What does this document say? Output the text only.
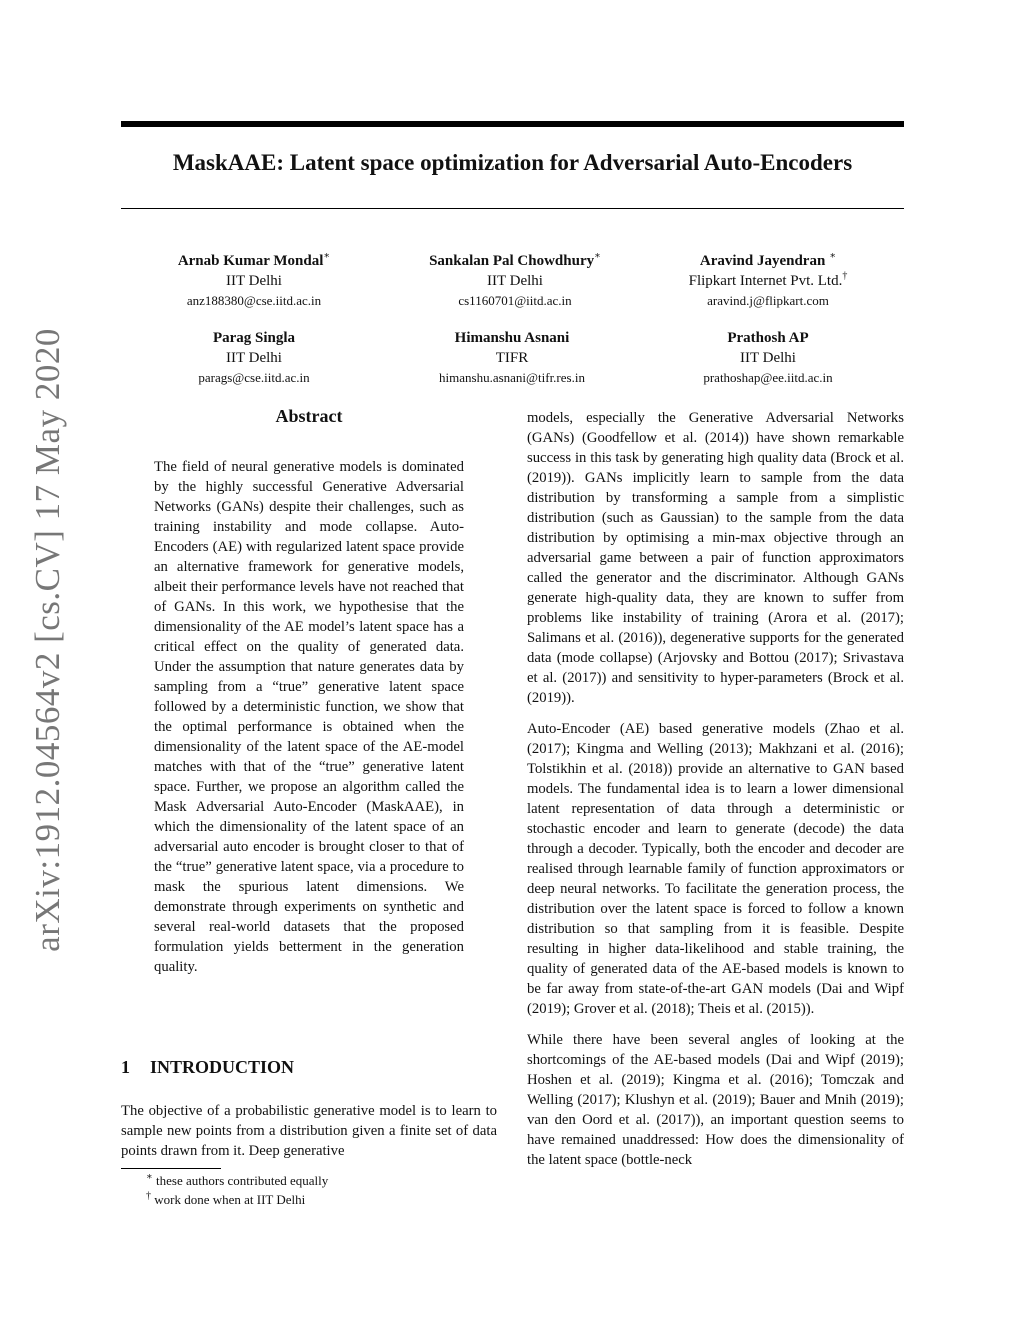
arXiv:1912.04564v2 [cs.CV] 17 May 2020
MaskAAE: Latent space optimization for Adversarial Auto-Encoders
Arnab Kumar Mondal∗
IIT Delhi
anz188380@cse.iitd.ac.in
Sankalan Pal Chowdhury∗
IIT Delhi
cs1160701@iitd.ac.in
Aravind Jayendran ∗
Flipkart Internet Pvt. Ltd.†
aravind.j@flipkart.com
Parag Singla
IIT Delhi
parags@cse.iitd.ac.in
Himanshu Asnani
TIFR
himanshu.asnani@tifr.res.in
Prathosh AP
IIT Delhi
prathoshap@ee.iitd.ac.in
Abstract

The field of neural generative models is dominated by the highly successful Generative Adversarial Networks (GANs) despite their challenges, such as training instability and mode collapse. Auto-Encoders (AE) with regularized latent space provide an alternative framework for generative models, albeit their performance levels have not reached that of GANs. In this work, we hypothesise that the dimensionality of the AE model’s latent space has a critical effect on the quality of generated data. Under the assumption that nature generates data by sampling from a “true” generative latent space followed by a deterministic function, we show that the optimal performance is obtained when the dimensionality of the latent space of the AE-model matches with that of the “true” generative latent space. Further, we propose an algorithm called the Mask Adversarial Auto-Encoder (MaskAAE), in which the dimensionality of the latent space of an adversarial auto encoder is brought closer to that of the “true” generative latent space, via a procedure to mask the spurious latent dimensions. We demonstrate through experiments on synthetic and several real-world datasets that the proposed formulation yields betterment in the generation quality.

1 INTRODUCTION

The objective of a probabilistic generative model is to learn to sample new points from a distribution given a finite set of data points drawn from it. Deep generative

∗ these authors contributed equally
† work done when at IIT Delhi

models, especially the Generative Adversarial Networks (GANs) (Goodfellow et al. (2014)) have shown remarkable success in this task by generating high quality data (Brock et al. (2019)). GANs implicitly learn to sample from the data distribution by transforming a sample from a simplistic distribution (such as Gaussian) to the sample from the data distribution by optimising a min-max objective through an adversarial game between a pair of function approximators called the generator and the discriminator. Although GANs generate high-quality data, they are known to suffer from problems like instability of training (Arora et al. (2017); Salimans et al. (2016)), degenerative supports for the generated data (mode collapse) (Arjovsky and Bottou (2017); Srivastava et al. (2017)) and sensitivity to hyper-parameters (Brock et al. (2019)).

Auto-Encoder (AE) based generative models (Zhao et al. (2017); Kingma and Welling (2013); Makhzani et al. (2016); Tolstikhin et al. (2018)) provide an alternative to GAN based models. The fundamental idea is to learn a lower dimensional latent representation of data through a deterministic or stochastic encoder and learn to generate (decode) the data through a decoder. Typically, both the encoder and decoder are realised through learnable family of function approximators or deep neural networks. To facilitate the generation process, the distribution over the latent space is forced to follow a known distribution so that sampling from it is feasible. Despite resulting in higher data-likelihood and stable training, the quality of generated data of the AE-based models is known to be far away from state-of-the-art GAN models (Dai and Wipf (2019); Grover et al. (2018); Theis et al. (2015)).

While there have been several angles of looking at the shortcomings of the AE-based models (Dai and Wipf (2019); Hoshen et al. (2019); Kingma et al. (2016); Tomczak and Welling (2017); Klushyn et al. (2019); Bauer and Mnih (2019); van den Oord et al. (2017)), an important question seems to have remained unaddressed: How does the dimensionality of the latent space (bottle-neck
